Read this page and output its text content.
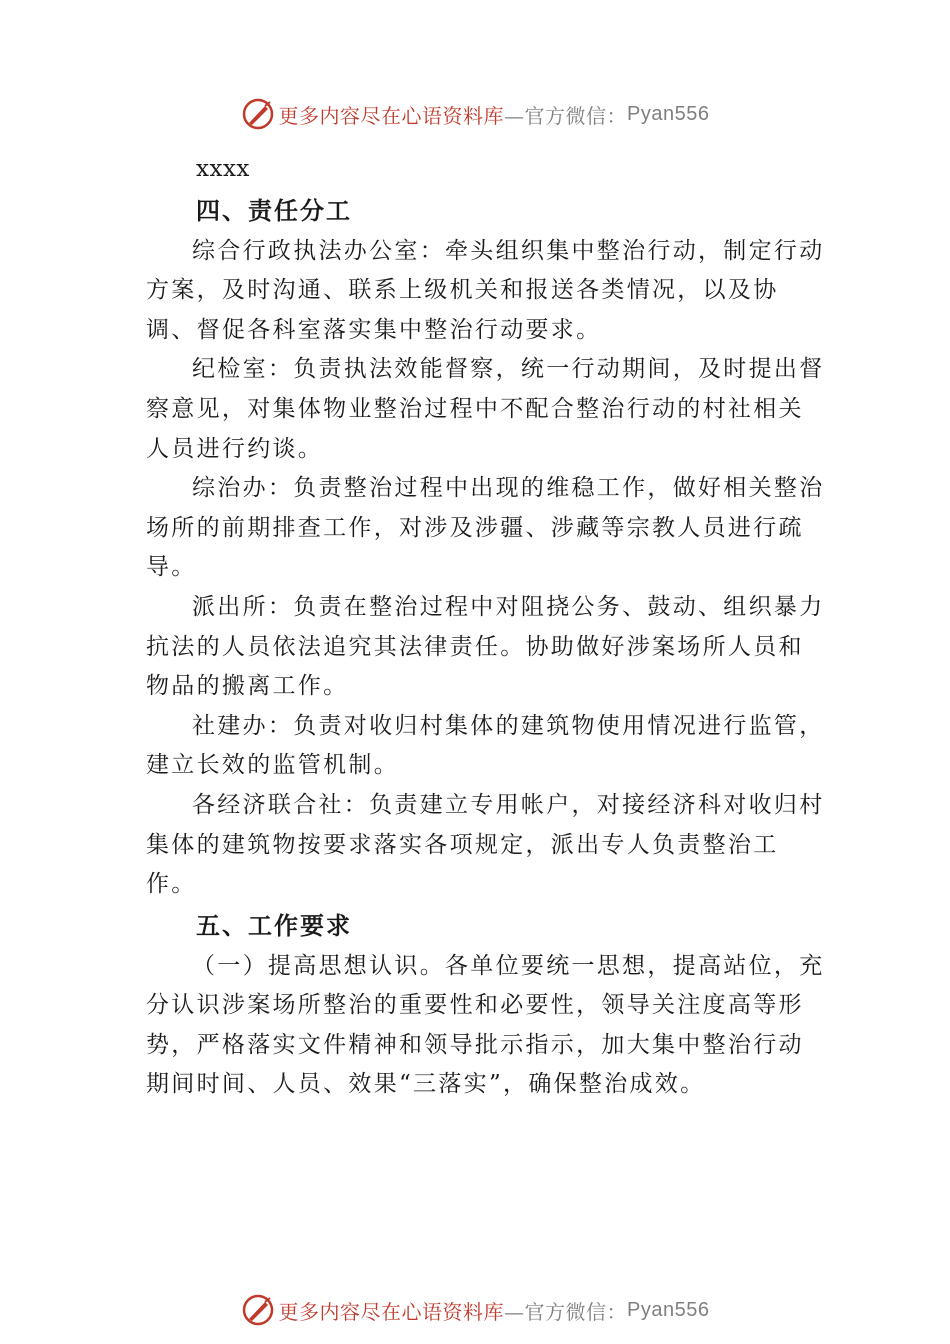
更多内容尽在心语资料库 —官方微信： Pyan556

xxxx

四、责任分工

综合行政执法办公室：牵头组织集中整治行动，制定行动方案，及时沟通、联系上级机关和报送各类情况，以及协调、督促各科室落实集中整治行动要求。

纪检室：负责执法效能督察，统一行动期间，及时提出督察意见，对集体物业整治过程中不配合整治行动的村社相关人员进行约谈。

综治办：负责整治过程中出现的维稳工作，做好相关整治场所的前期排查工作，对涉及涉疆、涉藏等宗教人员进行疏导。

派出所：负责在整治过程中对阻挠公务、鼓动、组织暴力抗法的人员依法追究其法律责任。协助做好涉案场所人员和物品的搬离工作。

社建办：负责对收归村集体的建筑物使用情况进行监管，建立长效的监管机制。

各经济联合社：负责建立专用帐户，对接经济科对收归村集体的建筑物按要求落实各项规定，派出专人负责整治工作。

五、工作要求

（一）提高思想认识。各单位要统一思想，提高站位，充分认识涉案场所整治的重要性和必要性，领导关注度高等形势，严格落实文件精神和领导批示指示，加大集中整治行动期间时间、人员、效果“三落实”，确保整治成效。

更多内容尽在心语资料库 —官方微信： Pyan556
